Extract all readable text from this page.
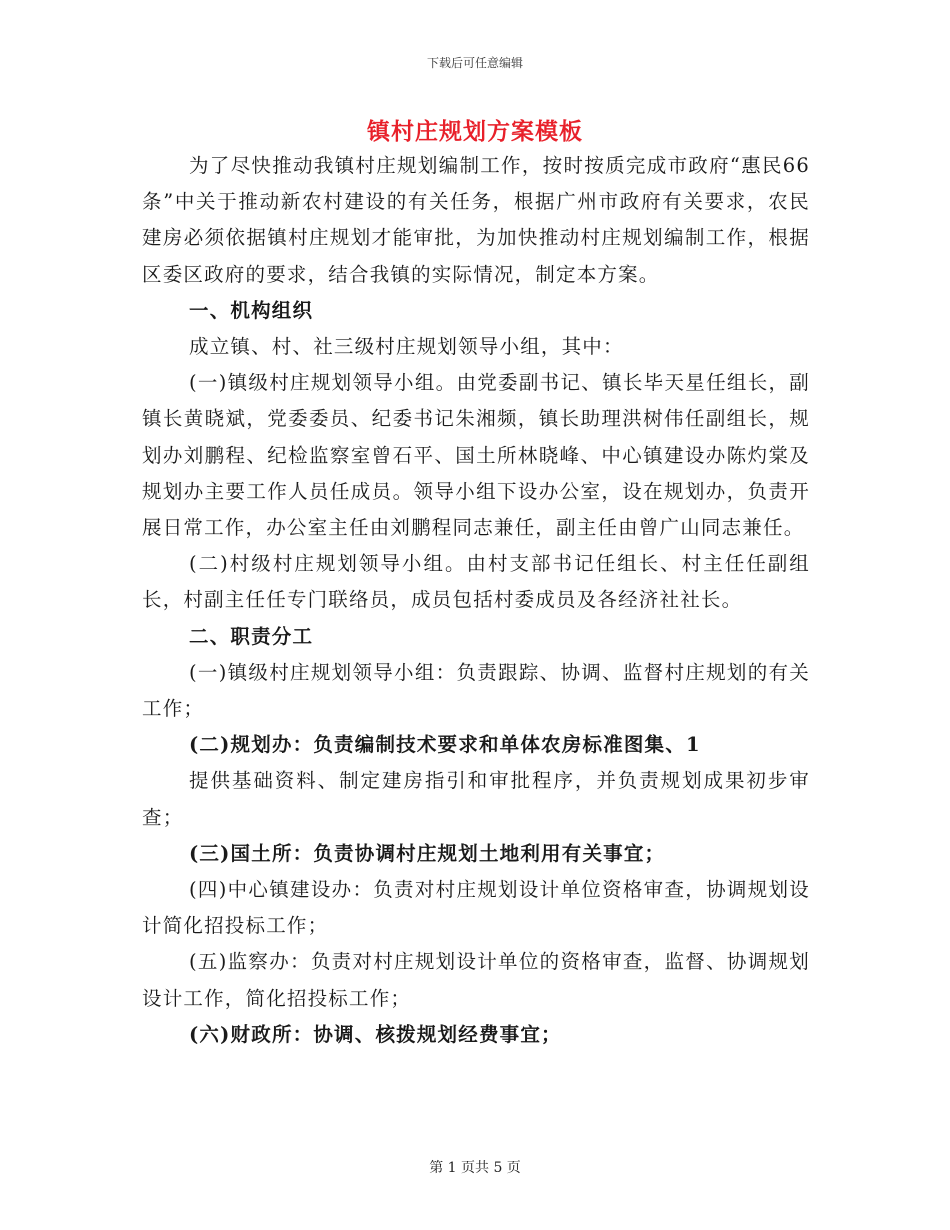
下载后可任意编辑
镇村庄规划方案模板

为了尽快推动我镇村庄规划编制工作，按时按质完成市政府“惠民66条”中关于推动新农村建设的有关任务，根据广州市政府有关要求，农民建房必须依据镇村庄规划才能审批，为加快推动村庄规划编制工作，根据区委区政府的要求，结合我镇的实际情况，制定本方案。

一、机构组织

成立镇、村、社三级村庄规划领导小组，其中：

(一)镇级村庄规划领导小组。由党委副书记、镇长毕天星任组长，副镇长黄晓斌，党委委员、纪委书记朱湘频，镇长助理洪树伟任副组长，规划办刘鹏程、纪检监察室曾石平、国土所林晓峰、中心镇建设办陈灼棠及规划办主要工作人员任成员。领导小组下设办公室，设在规划办，负责开展日常工作，办公室主任由刘鹏程同志兼任，副主任由曾广山同志兼任。

(二)村级村庄规划领导小组。由村支部书记任组长、村主任任副组长，村副主任任专门联络员，成员包括村委成员及各经济社社长。

二、职责分工

(一)镇级村庄规划领导小组：负责跟踪、协调、监督村庄规划的有关工作；

(二)规划办：负责编制技术要求和单体农房标准图集、1

提供基础资料、制定建房指引和审批程序，并负责规划成果初步审查；

(三)国土所：负责协调村庄规划土地利用有关事宜；

(四)中心镇建设办：负责对村庄规划设计单位资格审查，协调规划设计简化招投标工作；

(五)监察办：负责对村庄规划设计单位的资格审查，监督、协调规划设计工作，简化招投标工作；

(六)财政所：协调、核拨规划经费事宜；

第 1 页共 5 页
